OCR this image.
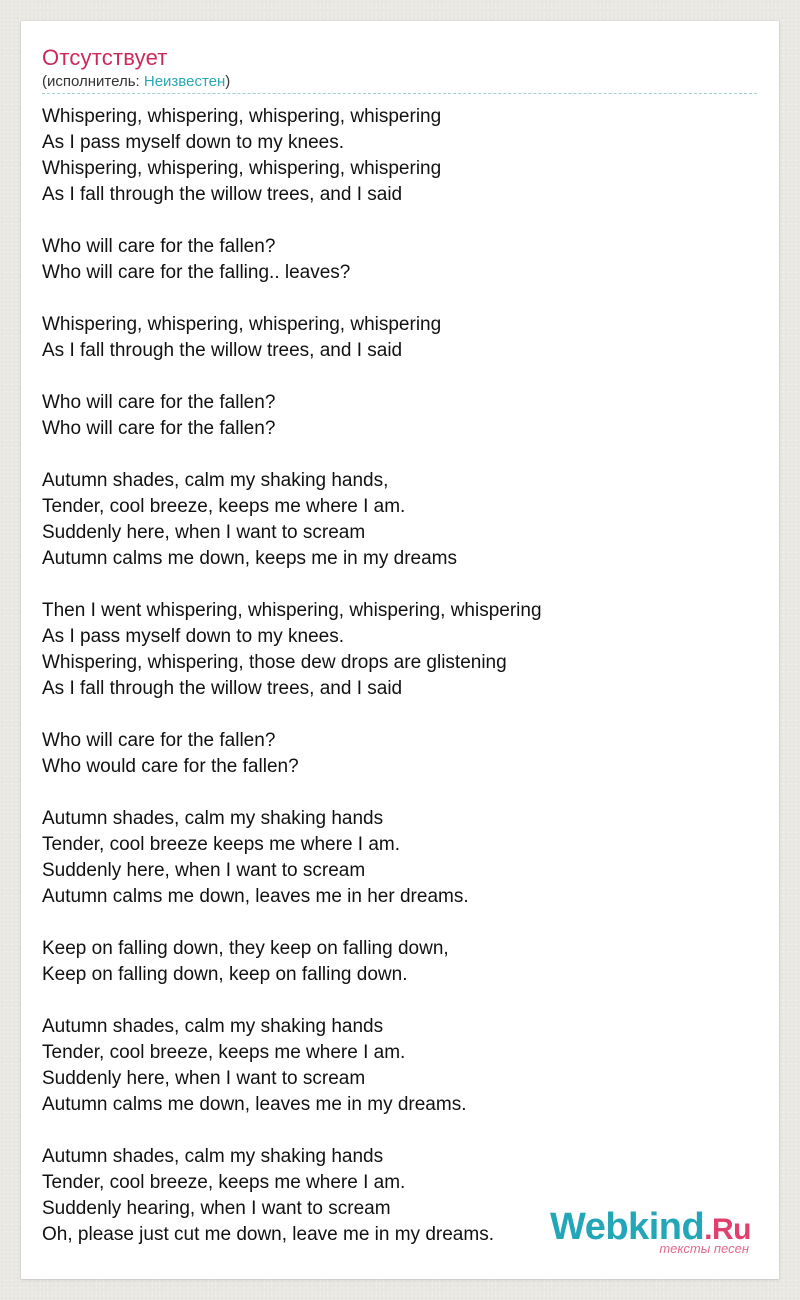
Отсутствует
(исполнитель: Неизвестен)
Whispering, whispering, whispering, whispering
As I pass myself down to my knees.
Whispering, whispering, whispering, whispering
As I fall through the willow trees, and I said
Who will care for the fallen?
Who will care for the falling.. leaves?
Whispering, whispering, whispering, whispering
As I fall through the willow trees, and I said
Who will care for the fallen?
Who will care for the fallen?
Autumn shades, calm my shaking hands,
Tender, cool breeze, keeps me where I am.
Suddenly here, when I want to scream
Autumn calms me down, keeps me in my dreams
Then I went whispering, whispering, whispering, whispering
As I pass myself down to my knees.
Whispering, whispering, those dew drops are glistening
As I fall through the willow trees, and I said
Who will care for the fallen?
Who would care for the fallen?
Autumn shades, calm my shaking hands
Tender, cool breeze keeps me where I am.
Suddenly here, when I want to scream
Autumn calms me down, leaves me in her dreams.
Keep on falling down, they keep on falling down,
Keep on falling down, keep on falling down.
Autumn shades, calm my shaking hands
Tender, cool breeze, keeps me where I am.
Suddenly here, when I want to scream
Autumn calms me down, leaves me in my dreams.
Autumn shades, calm my shaking hands
Tender, cool breeze, keeps me where I am.
Suddenly hearing, when I want to scream
Oh, please just cut me down, leave me in my dreams.	Webkind.Ru
тексты песен
